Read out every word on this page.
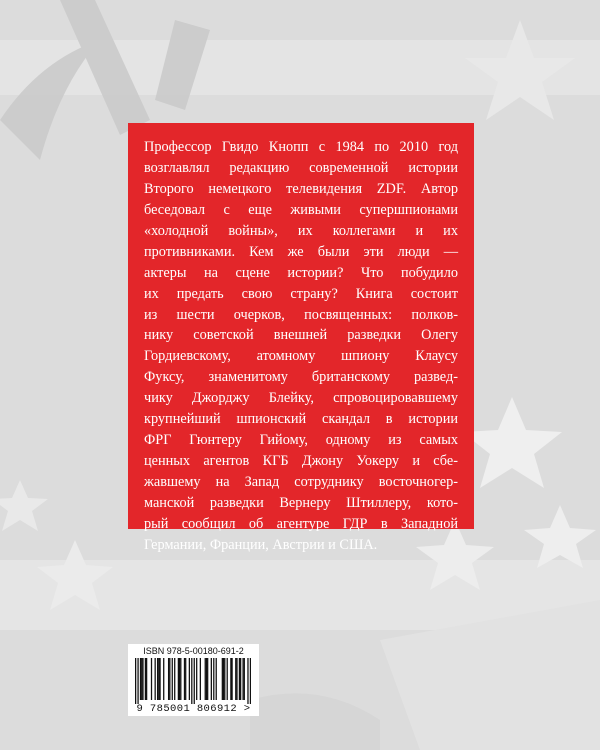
Профессор Гвидо Кнопп с 1984 по 2010 год
возглавлял редакцию современной истории
Второго немецкого телевидения ZDF. Автор
беседовал с еще живыми супершпионами
«холодной войны», их коллегами и их
противниками. Кем же были эти люди —
актеры на сцене истории? Что побудило
их предать свою страну? Книга состоит
из шести очерков, посвященных: полков-
нику советской внешней разведки Олегу
Гордиевскому, атомному шпиону Клаусу
Фуксу, знаменитому британскому развед-
чику Джорджу Блейку, спровоцировавшему
крупнейший шпионский скандал в истории
ФРГ Гюнтеру Гийому, одному из самых
ценных агентов КГБ Джону Уокеру и сбе-
жавшему на Запад сотруднику восточногер-
манской разведки Вернеру Штиллеру, кото-
рый сообщил об агентуре ГДР в Западной
Германии, Франции, Австрии и США.
ISBN 978-5-00180-691-2
9 785001 806912 >
